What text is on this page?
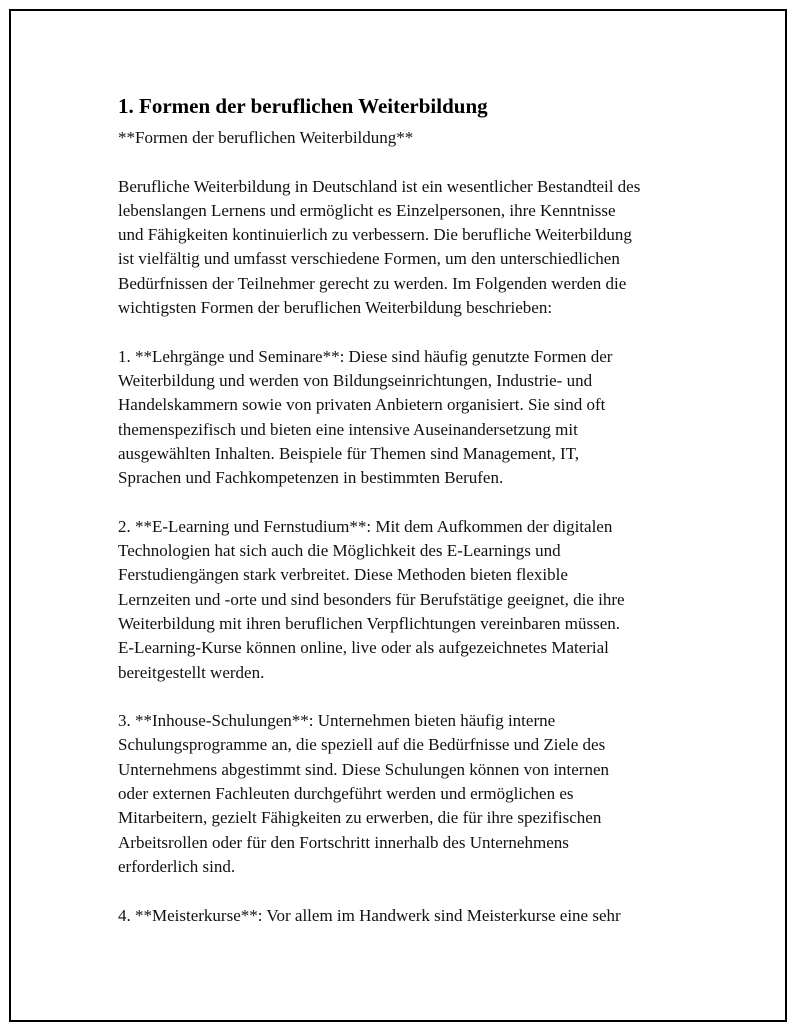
1. Formen der beruflichen Weiterbildung

**Formen der beruflichen Weiterbildung**

Berufliche Weiterbildung in Deutschland ist ein wesentlicher Bestandteil des
lebenslangen Lernens und ermöglicht es Einzelpersonen, ihre Kenntnisse
und Fähigkeiten kontinuierlich zu verbessern. Die berufliche Weiterbildung
ist vielfältig und umfasst verschiedene Formen, um den unterschiedlichen
Bedürfnissen der Teilnehmer gerecht zu werden. Im Folgenden werden die
wichtigsten Formen der beruflichen Weiterbildung beschrieben:

1. **Lehrgänge und Seminare**: Diese sind häufig genutzte Formen der
Weiterbildung und werden von Bildungseinrichtungen, Industrie- und
Handelskammern sowie von privaten Anbietern organisiert. Sie sind oft
themenspezifisch und bieten eine intensive Auseinandersetzung mit
ausgewählten Inhalten. Beispiele für Themen sind Management, IT,
Sprachen und Fachkompetenzen in bestimmten Berufen.

2. **E-Learning und Fernstudium**: Mit dem Aufkommen der digitalen
Technologien hat sich auch die Möglichkeit des E-Learnings und
Ferstudiengängen stark verbreitet. Diese Methoden bieten flexible
Lernzeiten und -orte und sind besonders für Berufstätige geeignet, die ihre
Weiterbildung mit ihren beruflichen Verpflichtungen vereinbaren müssen.
E-Learning-Kurse können online, live oder als aufgezeichnetes Material
bereitgestellt werden.

3. **Inhouse-Schulungen**: Unternehmen bieten häufig interne
Schulungsprogramme an, die speziell auf die Bedürfnisse und Ziele des
Unternehmens abgestimmt sind. Diese Schulungen können von internen
oder externen Fachleuten durchgeführt werden und ermöglichen es
Mitarbeitern, gezielt Fähigkeiten zu erwerben, die für ihre spezifischen
Arbeitsrollen oder für den Fortschritt innerhalb des Unternehmens
erforderlich sind.

4. **Meisterkurse**: Vor allem im Handwerk sind Meisterkurse eine sehr
